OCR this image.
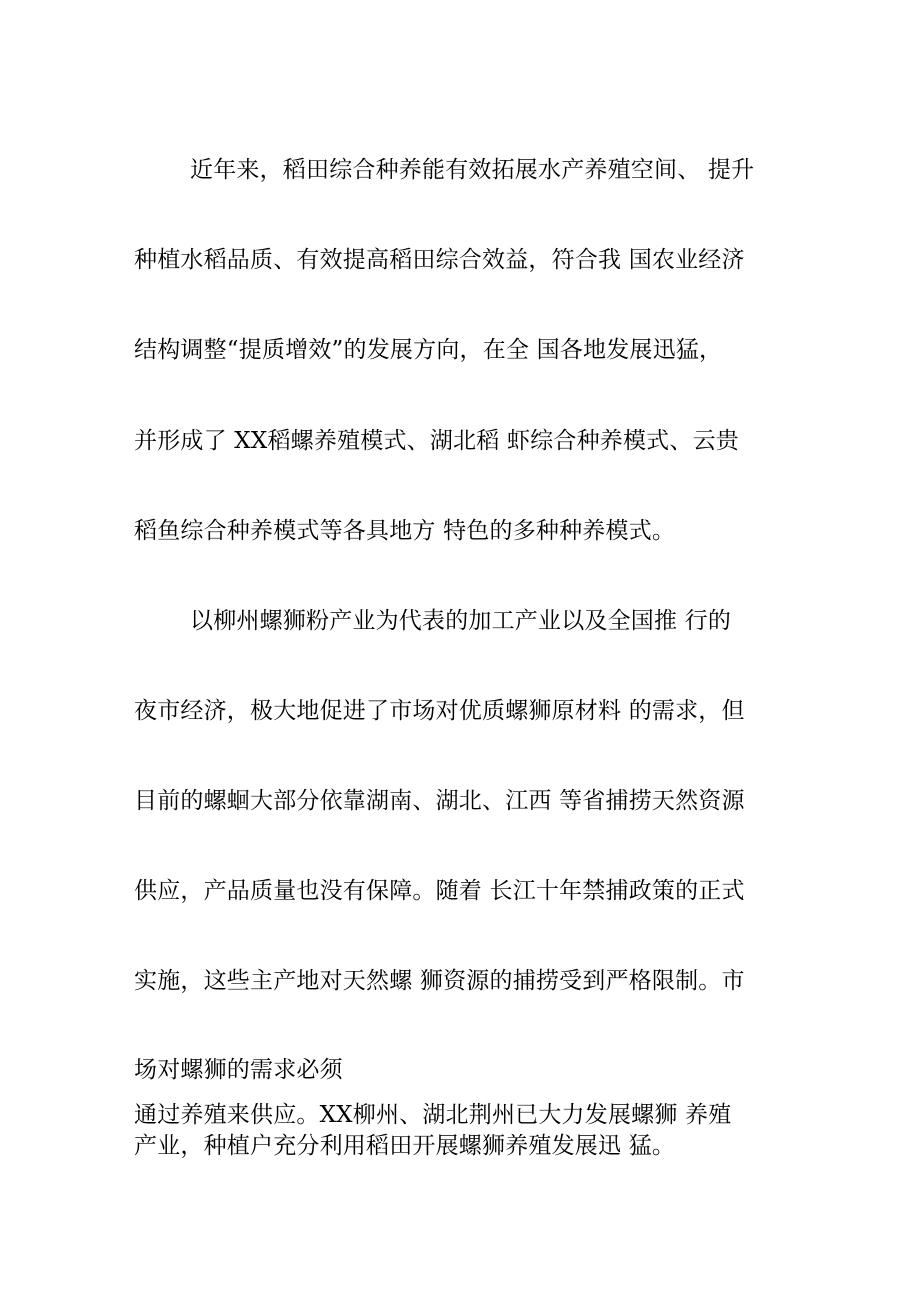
近年来，稻田综合种养能有效拓展水产养殖空间、 提升
种植水稻品质、有效提高稻田综合效益，符合我 国农业经济
结构调整“提质增效”的发展方向，在全 国各地发展迅猛，
并形成了 XX稻螺养殖模式、湖北稻 虾综合种养模式、云贵
稻鱼综合种养模式等各具地方 特色的多种种养模式。
以柳州螺狮粉产业为代表的加工产业以及全国推 行的
夜市经济，极大地促进了市场对优质螺狮原材料 的需求，但
目前的螺蛔大部分依靠湖南、湖北、江西 等省捕捞天然资源
供应，产品质量也没有保障。随着 长江十年禁捕政策的正式
实施，这些主产地对天然螺 狮资源的捕捞受到严格限制。市
场对螺狮的需求必须
通过养殖来供应。XX柳州、湖北荆州已大力发展螺狮 养殖
产业，种植户充分利用稻田开展螺狮养殖发展迅 猛。
